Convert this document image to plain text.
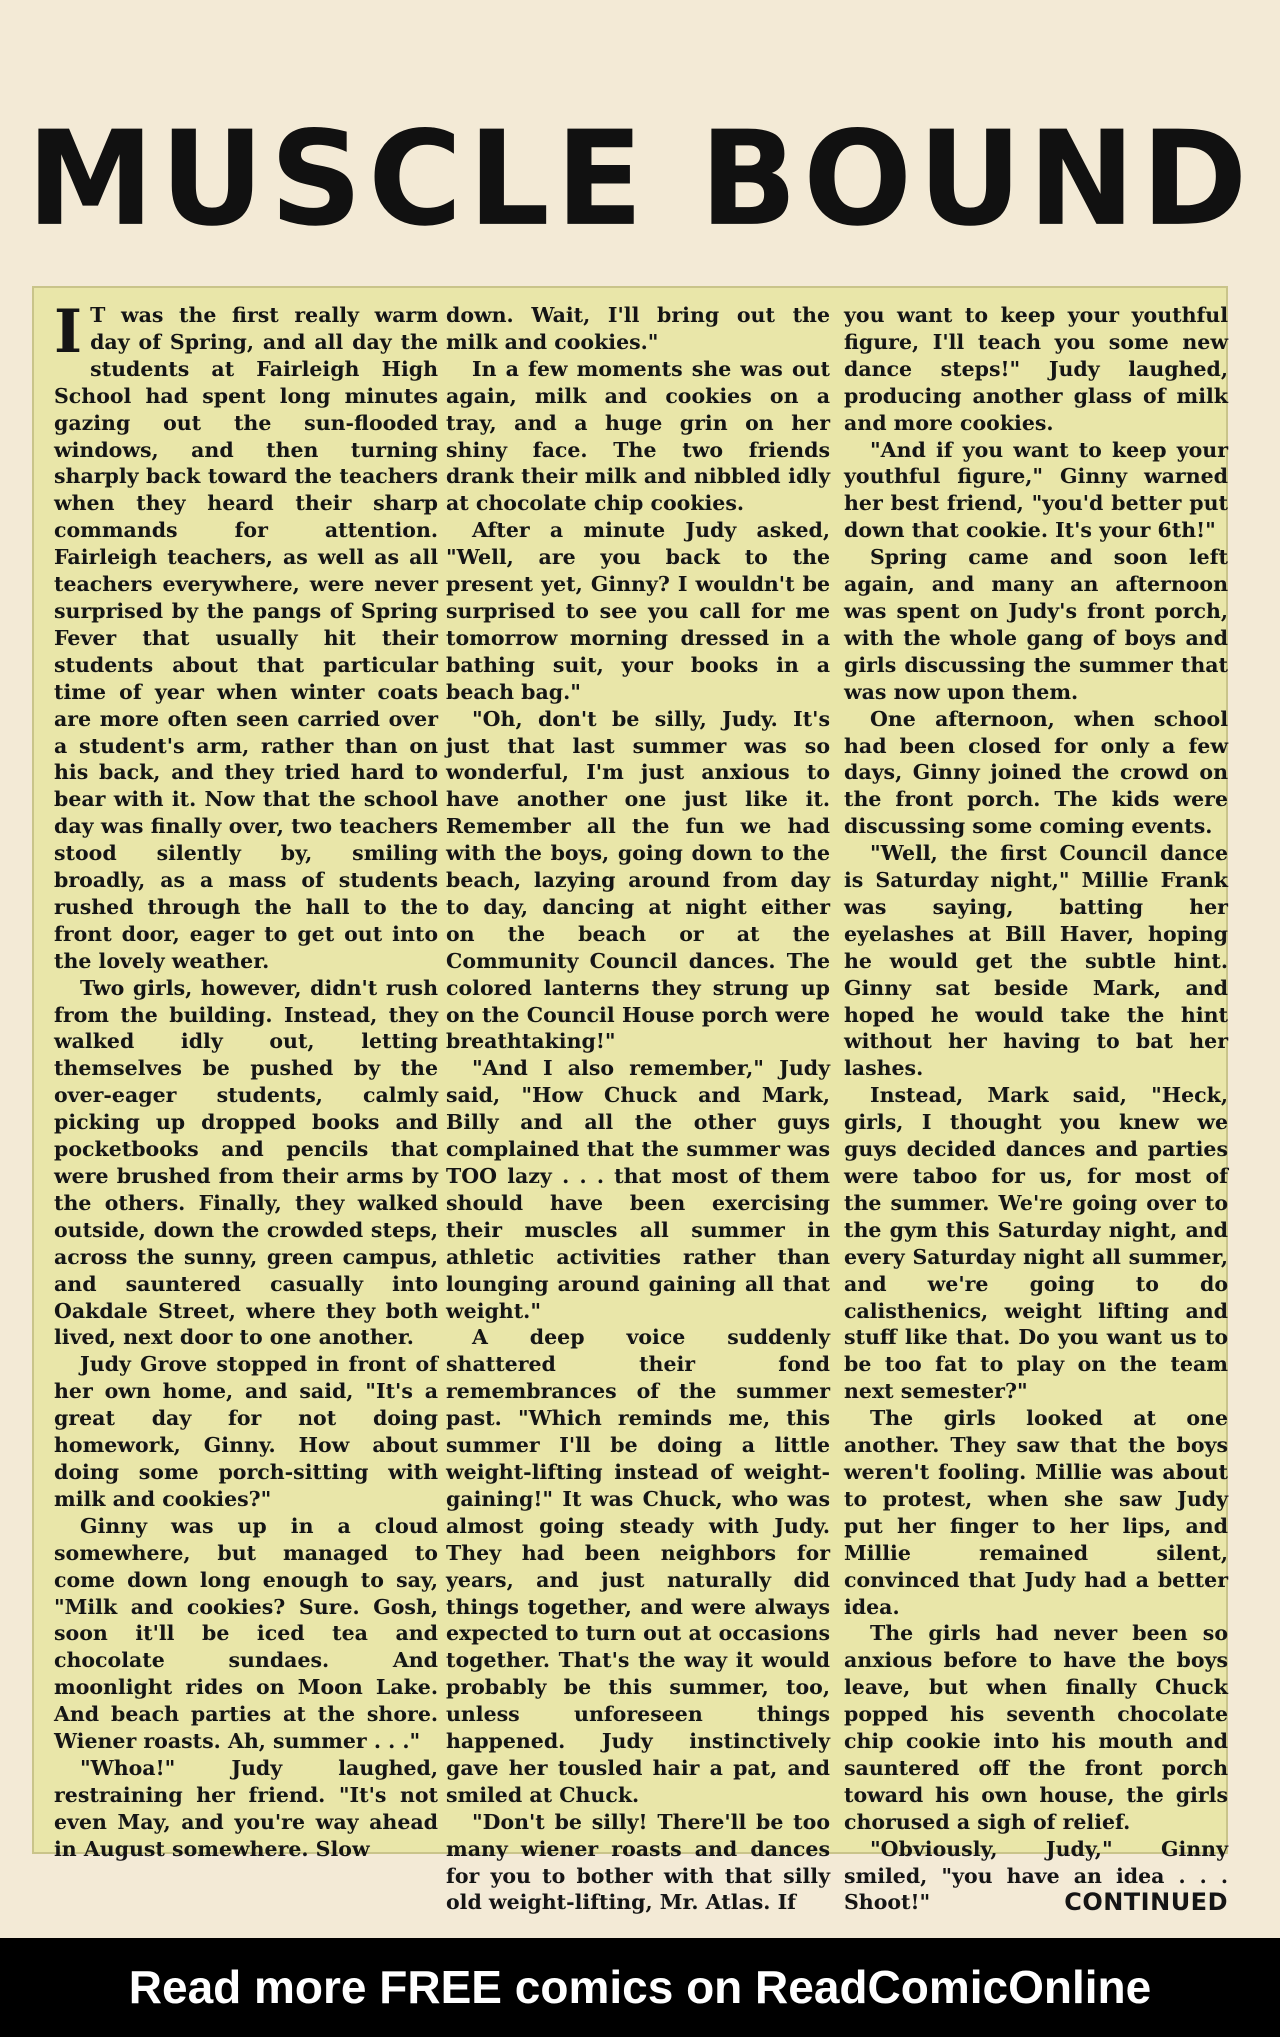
MUSCLE BOUND

I T was the first really warm day of Spring, and all day the students at Fairleigh High School had spent long minutes gazing out the sun-flooded windows, and then turning sharply back toward the teachers when they heard their sharp commands for attention. Fairleigh teachers, as well as all teachers everywhere, were never surprised by the pangs of Spring Fever that usually hit their students about that particular time of year when winter coats are more often seen carried over a student's arm, rather than on his back, and they tried hard to bear with it. Now that the school day was finally over, two teachers stood silently by, smiling broadly, as a mass of students rushed through the hall to the front door, eager to get out into the lovely weather.

Two girls, however, didn't rush from the building. Instead, they walked idly out, letting themselves be pushed by the over-eager students, calmly picking up dropped books and pocketbooks and pencils that were brushed from their arms by the others. Finally, they walked outside, down the crowded steps, across the sunny, green campus, and sauntered casually into Oakdale Street, where they both lived, next door to one another.

Judy Grove stopped in front of her own home, and said, "It's a great day for not doing homework, Ginny. How about doing some porch-sitting with milk and cookies?"

Ginny was up in a cloud somewhere, but managed to come down long enough to say, "Milk and cookies? Sure. Gosh, soon it'll be iced tea and chocolate sundaes. And moonlight rides on Moon Lake. And beach parties at the shore. Wiener roasts. Ah, summer . . ."

"Whoa!" Judy laughed, restraining her friend. "It's not even May, and you're way ahead in August somewhere. Slow

down. Wait, I'll bring out the milk and cookies."

In a few moments she was out again, milk and cookies on a tray, and a huge grin on her shiny face. The two friends drank their milk and nibbled idly at chocolate chip cookies.

After a minute Judy asked, "Well, are you back to the present yet, Ginny? I wouldn't be surprised to see you call for me tomorrow morning dressed in a bathing suit, your books in a beach bag."

"Oh, don't be silly, Judy. It's just that last summer was so wonderful, I'm just anxious to have another one just like it. Remember all the fun we had with the boys, going down to the beach, lazying around from day to day, dancing at night either on the beach or at the Community Council dances. The colored lanterns they strung up on the Council House porch were breathtaking!"

"And I also remember," Judy said, "How Chuck and Mark, Billy and all the other guys complained that the summer was TOO lazy . . . that most of them should have been exercising their muscles all summer in athletic activities rather than lounging around gaining all that weight."

A deep voice suddenly shattered their fond remembrances of the summer past. "Which reminds me, this summer I'll be doing a little weight-lifting instead of weight-gaining!" It was Chuck, who was almost going steady with Judy. They had been neighbors for years, and just naturally did things together, and were always expected to turn out at occasions together. That's the way it would probably be this summer, too, unless unforeseen things happened. Judy instinctively gave her tousled hair a pat, and smiled at Chuck.

"Don't be silly! There'll be too many wiener roasts and dances for you to bother with that silly old weight-lifting, Mr. Atlas. If

you want to keep your youthful figure, I'll teach you some new dance steps!" Judy laughed, producing another glass of milk and more cookies.

"And if you want to keep your youthful figure," Ginny warned her best friend, "you'd better put down that cookie. It's your 6th!"

Spring came and soon left again, and many an afternoon was spent on Judy's front porch, with the whole gang of boys and girls discussing the summer that was now upon them.

One afternoon, when school had been closed for only a few days, Ginny joined the crowd on the front porch. The kids were discussing some coming events.

"Well, the first Council dance is Saturday night," Millie Frank was saying, batting her eyelashes at Bill Haver, hoping he would get the subtle hint. Ginny sat beside Mark, and hoped he would take the hint without her having to bat her lashes.

Instead, Mark said, "Heck, girls, I thought you knew we guys decided dances and parties were taboo for us, for most of the summer. We're going over to the gym this Saturday night, and every Saturday night all summer, and we're going to do calisthenics, weight lifting and stuff like that. Do you want us to be too fat to play on the team next semester?"

The girls looked at one another. They saw that the boys weren't fooling. Millie was about to protest, when she saw Judy put her finger to her lips, and Millie remained silent, convinced that Judy had a better idea.

The girls had never been so anxious before to have the boys leave, but when finally Chuck popped his seventh chocolate chip cookie into his mouth and sauntered off the front porch toward his own house, the girls chorused a sigh of relief.

"Obviously, Judy," Ginny smiled, "you have an idea . . . Shoot!"	CONTINUED
Read more FREE comics on ReadComicOnline
